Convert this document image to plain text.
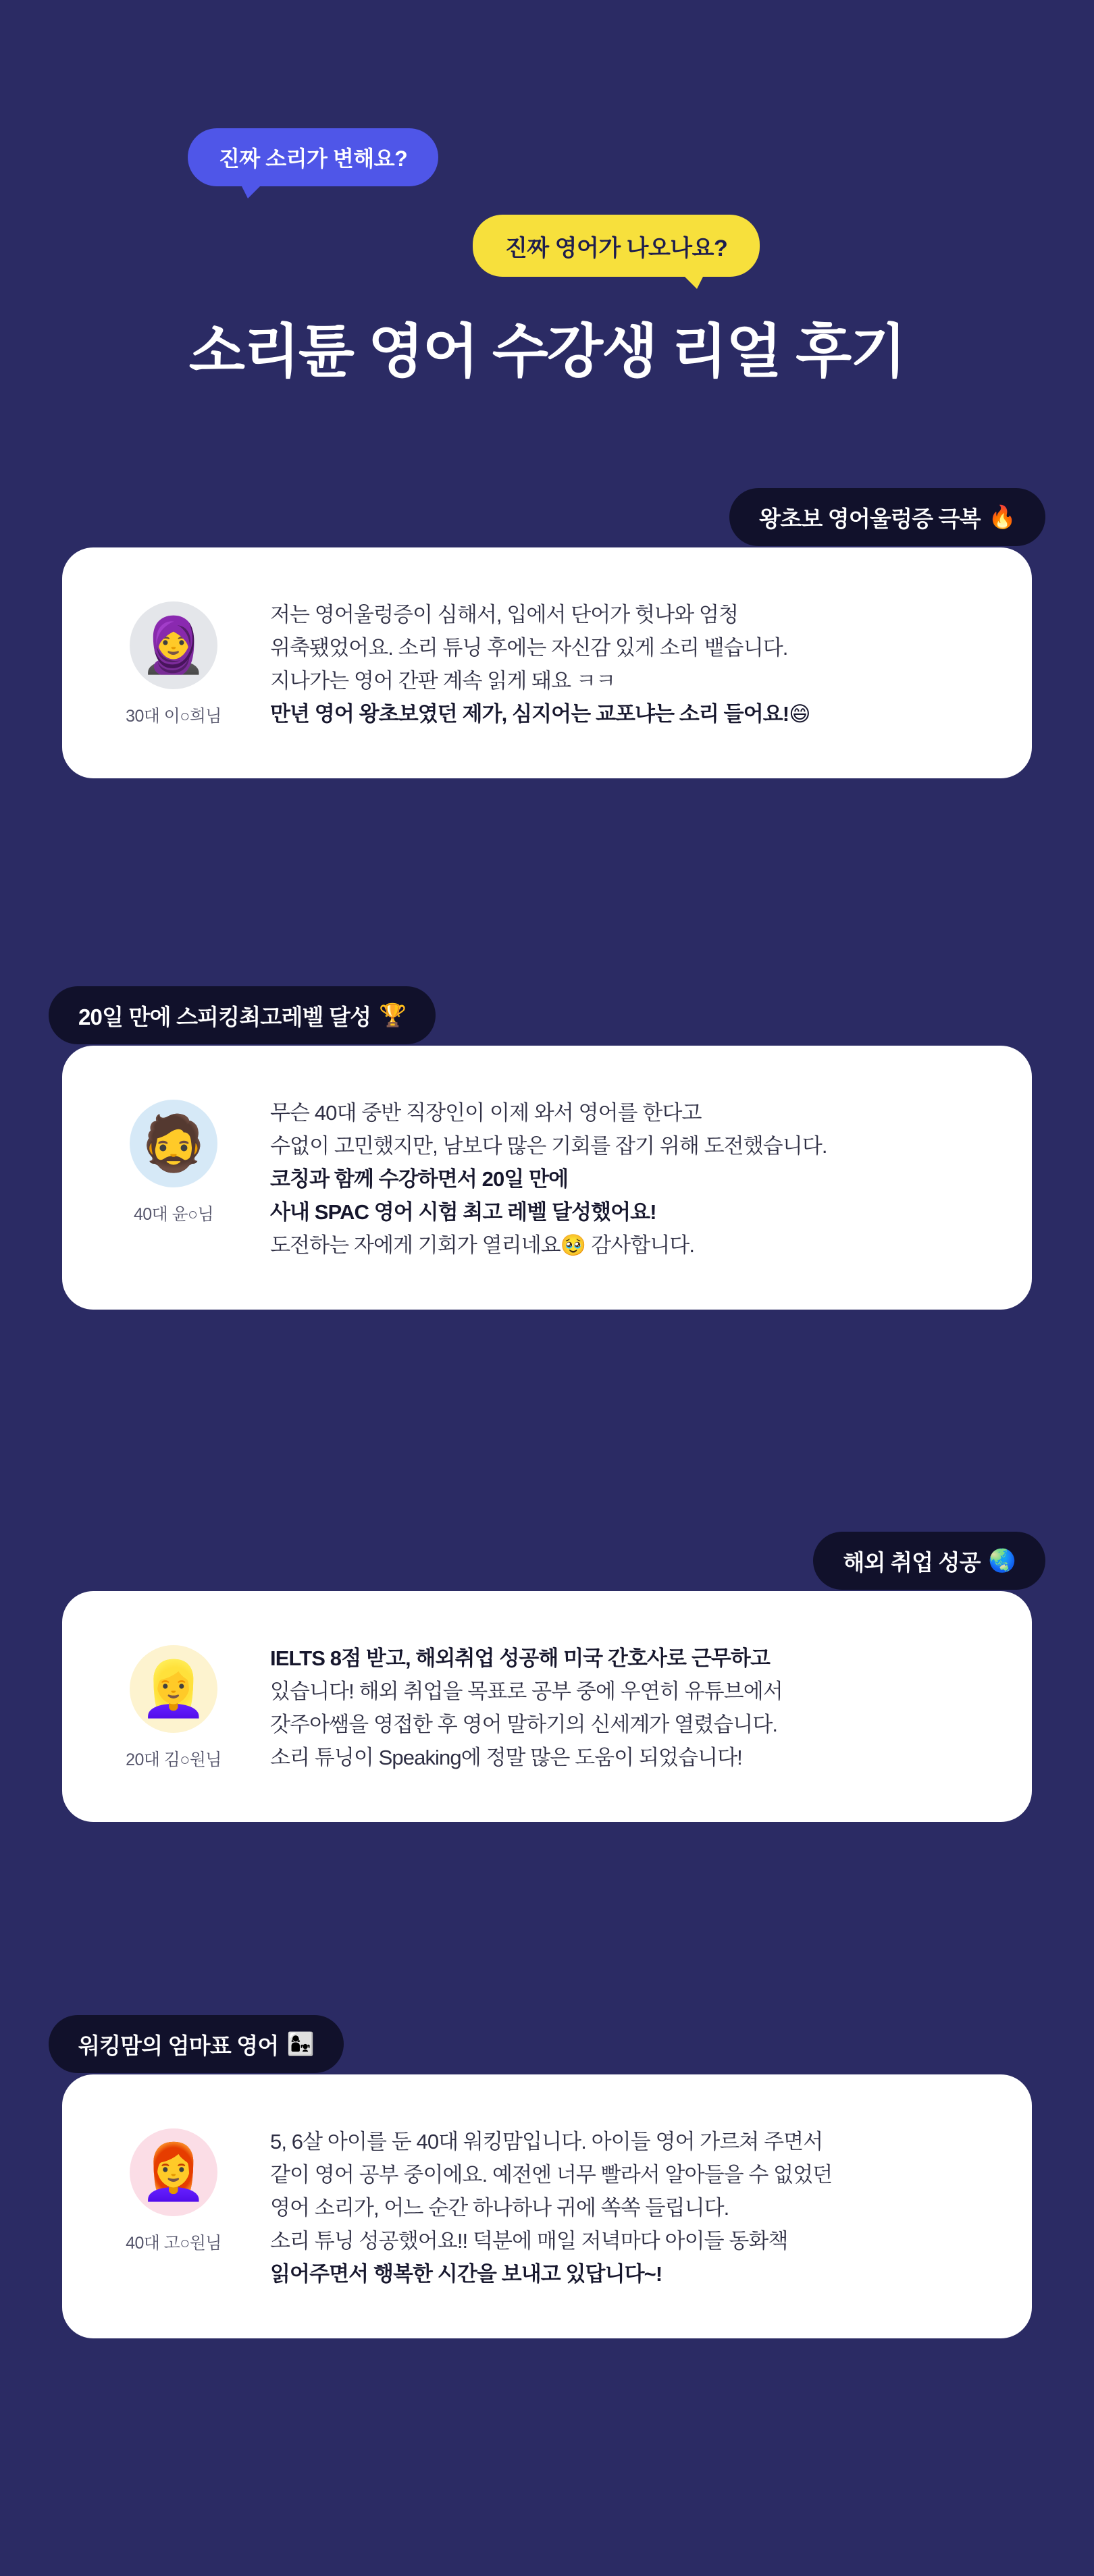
진짜 소리가 변해요?
진짜 영어가 나오나요?
소리튠 영어 수강생 리얼 후기
왕초보 영어울렁증 극복 🔥
🧕
30대 이○희님
저는 영어울렁증이 심해서, 입에서 단어가 헛나와 엄청
위축됐었어요. 소리 튜닝 후에는 자신감 있게 소리 뱉습니다.
지나가는 영어 간판 계속 읽게 돼요 ㅋㅋ
만년 영어 왕초보였던 제가, 심지어는 교포냐는 소리 들어요!😄
20일 만에 스피킹최고레벨 달성 🏆
🧔
40대 윤○님
무슨 40대 중반 직장인이 이제 와서 영어를 한다고
수없이 고민했지만, 남보다 많은 기회를 잡기 위해 도전했습니다.
코칭과 함께 수강하면서 20일 만에
사내 SPAC 영어 시험 최고 레벨 달성했어요!
도전하는 자에게 기회가 열리네요🥹 감사합니다.
해외 취업 성공 🌏
👱‍♀️
20대 김○원님
IELTS 8점 받고, 해외취업 성공해 미국 간호사로 근무하고
있습니다! 해외 취업을 목표로 공부 중에 우연히 유튜브에서
갓주아쌤을 영접한 후 영어 말하기의 신세계가 열렸습니다.
소리 튜닝이 Speaking에 정말 많은 도움이 되었습니다!
워킹맘의 엄마표 영어 👩‍👧
👩‍🦰
40대 고○원님
5, 6살 아이를 둔 40대 워킹맘입니다. 아이들 영어 가르쳐 주면서
같이 영어 공부 중이에요. 예전엔 너무 빨라서 알아들을 수 없었던
영어 소리가, 어느 순간 하나하나 귀에 쏙쏙 들립니다.
소리 튜닝 성공했어요!! 덕분에 매일 저녁마다 아이들 동화책
읽어주면서 행복한 시간을 보내고 있답니다~!
